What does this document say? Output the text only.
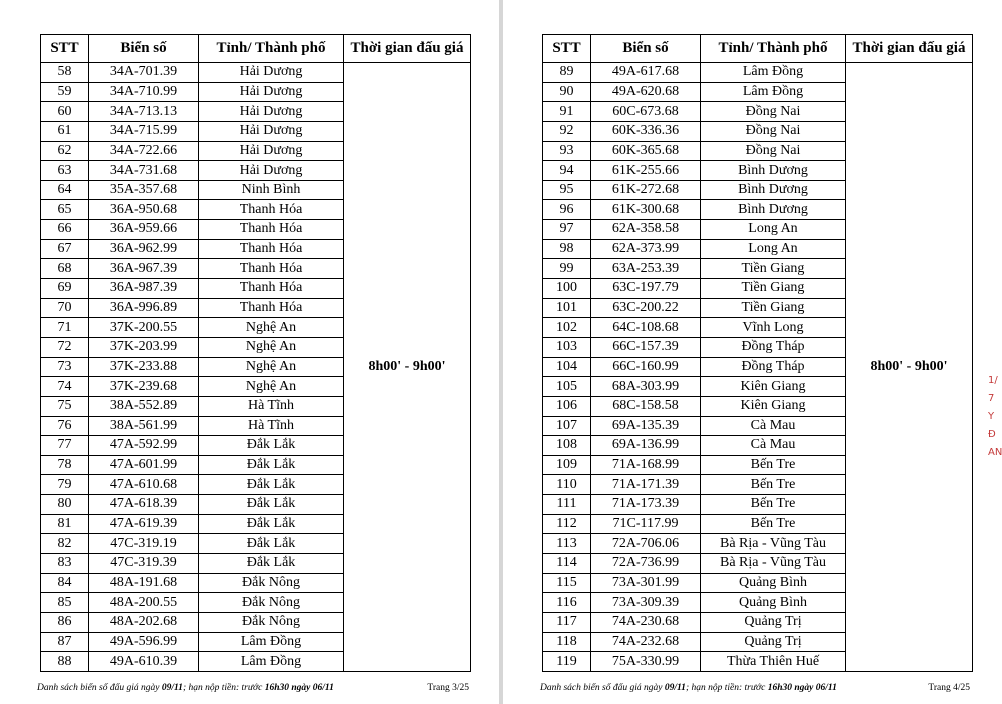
STT	Biển số	Tỉnh/ Thành phố	Thời gian đấu giá
58	34A-701.39	Hải Dương	8h00' - 9h00'
59	34A-710.99	Hải Dương	
60	34A-713.13	Hải Dương	
61	34A-715.99	Hải Dương	
62	34A-722.66	Hải Dương	
63	34A-731.68	Hải Dương	
64	35A-357.68	Ninh Bình	
65	36A-950.68	Thanh Hóa	
66	36A-959.66	Thanh Hóa	
67	36A-962.99	Thanh Hóa	
68	36A-967.39	Thanh Hóa	
69	36A-987.39	Thanh Hóa	
70	36A-996.89	Thanh Hóa	
71	37K-200.55	Nghệ An	
72	37K-203.99	Nghệ An	
73	37K-233.88	Nghệ An	
74	37K-239.68	Nghệ An	
75	38A-552.89	Hà Tĩnh	
76	38A-561.99	Hà Tĩnh	
77	47A-592.99	Đắk Lắk	
78	47A-601.99	Đắk Lắk	
79	47A-610.68	Đắk Lắk	
80	47A-618.39	Đắk Lắk	
81	47A-619.39	Đắk Lắk	
82	47C-319.19	Đắk Lắk	
83	47C-319.39	Đắk Lắk	
84	48A-191.68	Đắk Nông	
85	48A-200.55	Đắk Nông	
86	48A-202.68	Đắk Nông	
87	49A-596.99	Lâm Đồng	
88	49A-610.39	Lâm Đồng	
Danh sách biển số đấu giá ngày 09/11; hạn nộp tiền: trước 16h30 ngày 06/11	Trang 3/25
STT	Biển số	Tỉnh/ Thành phố	Thời gian đấu giá
89	49A-617.68	Lâm Đồng	8h00' - 9h00'
90	49A-620.68	Lâm Đồng	
91	60C-673.68	Đồng Nai	
92	60K-336.36	Đồng Nai	
93	60K-365.68	Đồng Nai	
94	61K-255.66	Bình Dương	
95	61K-272.68	Bình Dương	
96	61K-300.68	Bình Dương	
97	62A-358.58	Long An	
98	62A-373.99	Long An	
99	63A-253.39	Tiền Giang	
100	63C-197.79	Tiền Giang	
101	63C-200.22	Tiền Giang	
102	64C-108.68	Vĩnh Long	
103	66C-157.39	Đồng Tháp	
104	66C-160.99	Đồng Tháp	
105	68A-303.99	Kiên Giang	
106	68C-158.58	Kiên Giang	
107	69A-135.39	Cà Mau	
108	69A-136.99	Cà Mau	
109	71A-168.99	Bến Tre	
110	71A-171.39	Bến Tre	
111	71A-173.39	Bến Tre	
112	71C-117.99	Bến Tre	
113	72A-706.06	Bà Rịa - Vũng Tàu	
114	72A-736.99	Bà Rịa - Vũng Tàu	
115	73A-301.99	Quảng Bình	
116	73A-309.39	Quảng Bình	
117	74A-230.68	Quảng Trị	
118	74A-232.68	Quảng Trị	
119	75A-330.99	Thừa Thiên Huế	
Danh sách biển số đấu giá ngày 09/11; hạn nộp tiền: trước 16h30 ngày 06/11	Trang 4/25
1/
7
Y
Đ
AN
